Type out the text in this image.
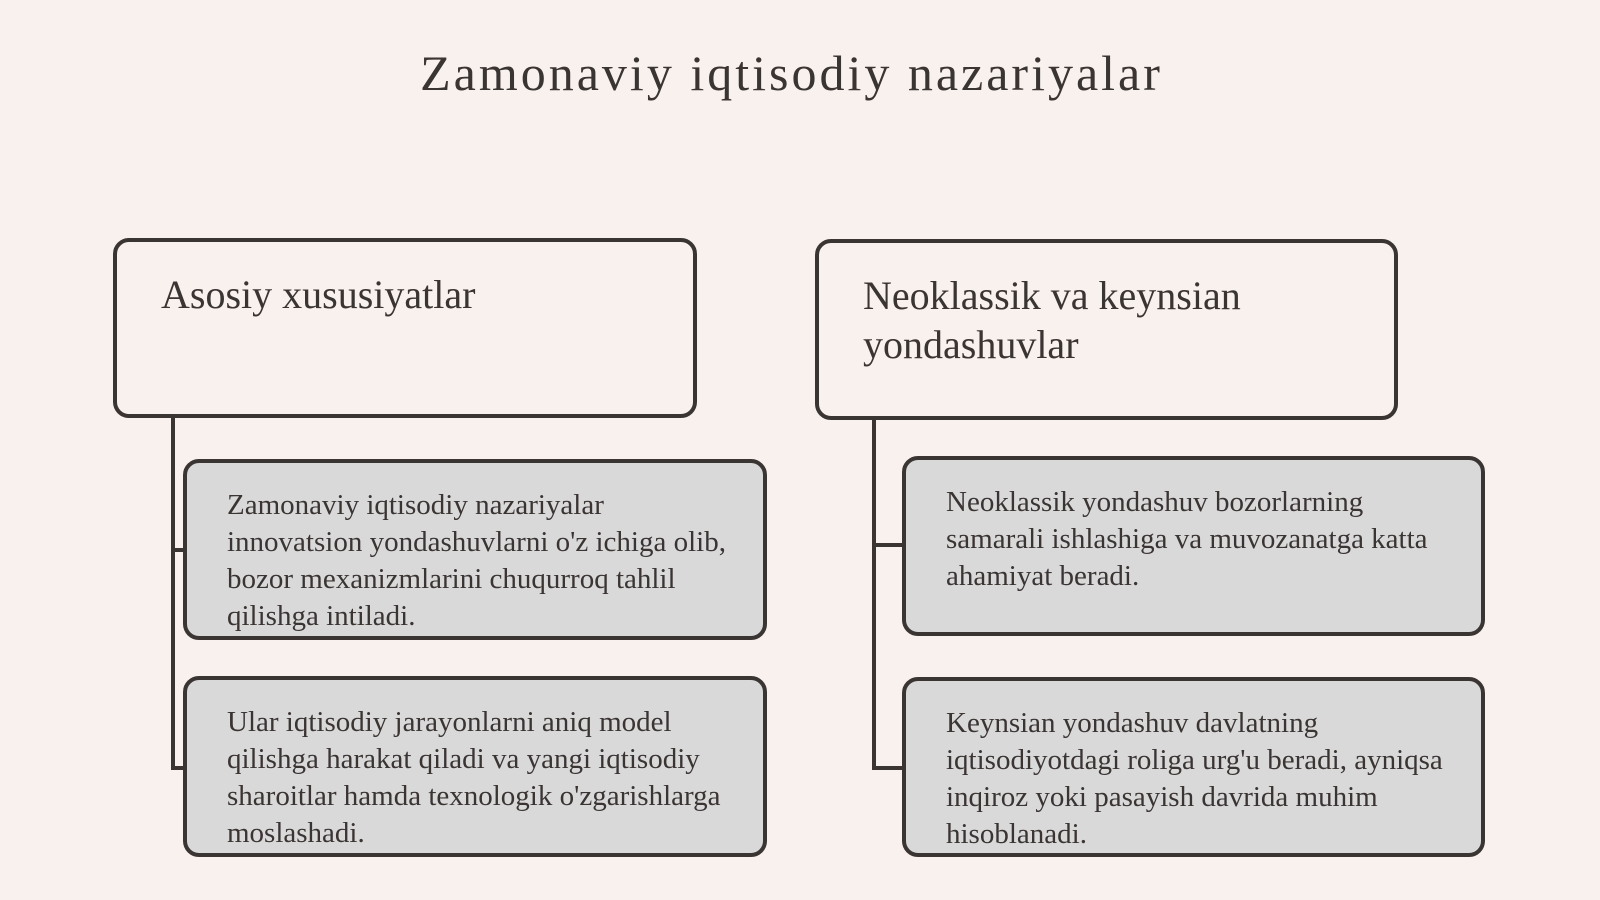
Zamonaviy iqtisodiy nazariyalar
Asosiy xususiyatlar
Zamonaviy iqtisodiy nazariyalar innovatsion yondashuvlarni o'z ichiga olib, bozor mexanizmlarini chuqurroq tahlil qilishga intiladi.
Ular iqtisodiy jarayonlarni aniq model qilishga harakat qiladi va yangi iqtisodiy sharoitlar hamda texnologik o'zgarishlarga moslashadi.
Neoklassik va keynsian yondashuvlar
Neoklassik yondashuv bozorlarning samarali ishlashiga va muvozanatga katta ahamiyat beradi.
Keynsian yondashuv davlatning iqtisodiyotdagi roliga urg'u beradi, ayniqsa inqiroz yoki pasayish davrida muhim hisoblanadi.
